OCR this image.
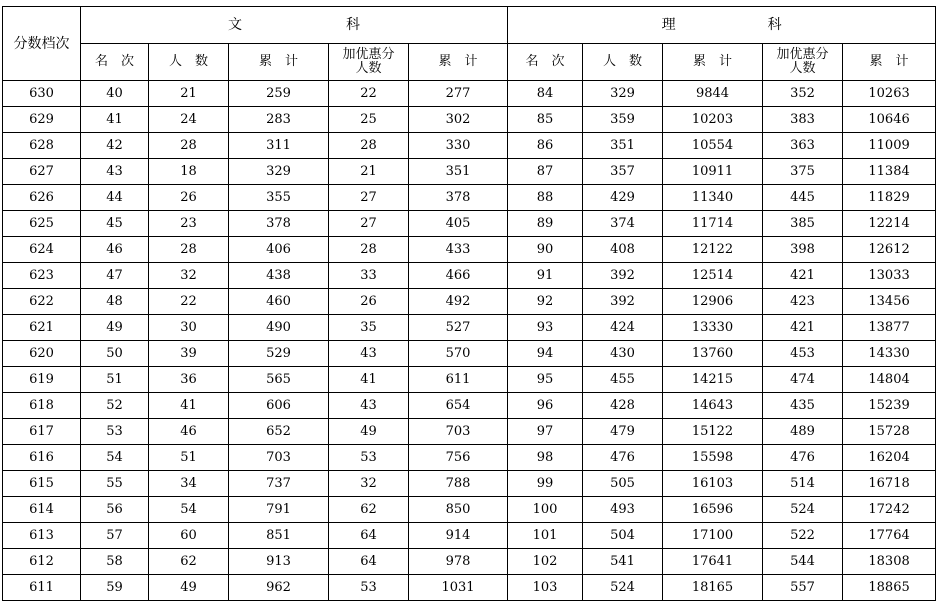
分数档次	文 科					理 科				
	名　次	人　数	累　计	加优惠分人数	累　计	名　次	人　数	累　计	加优惠分人数	累　计
630	40	21	259	22	277	84	329	9844	352	10263
629	41	24	283	25	302	85	359	10203	383	10646
628	42	28	311	28	330	86	351	10554	363	11009
627	43	18	329	21	351	87	357	10911	375	11384
626	44	26	355	27	378	88	429	11340	445	11829
625	45	23	378	27	405	89	374	11714	385	12214
624	46	28	406	28	433	90	408	12122	398	12612
623	47	32	438	33	466	91	392	12514	421	13033
622	48	22	460	26	492	92	392	12906	423	13456
621	49	30	490	35	527	93	424	13330	421	13877
620	50	39	529	43	570	94	430	13760	453	14330
619	51	36	565	41	611	95	455	14215	474	14804
618	52	41	606	43	654	96	428	14643	435	15239
617	53	46	652	49	703	97	479	15122	489	15728
616	54	51	703	53	756	98	476	15598	476	16204
615	55	34	737	32	788	99	505	16103	514	16718
614	56	54	791	62	850	100	493	16596	524	17242
613	57	60	851	64	914	101	504	17100	522	17764
612	58	62	913	64	978	102	541	17641	544	18308
611	59	49	962	53	1031	103	524	18165	557	18865
